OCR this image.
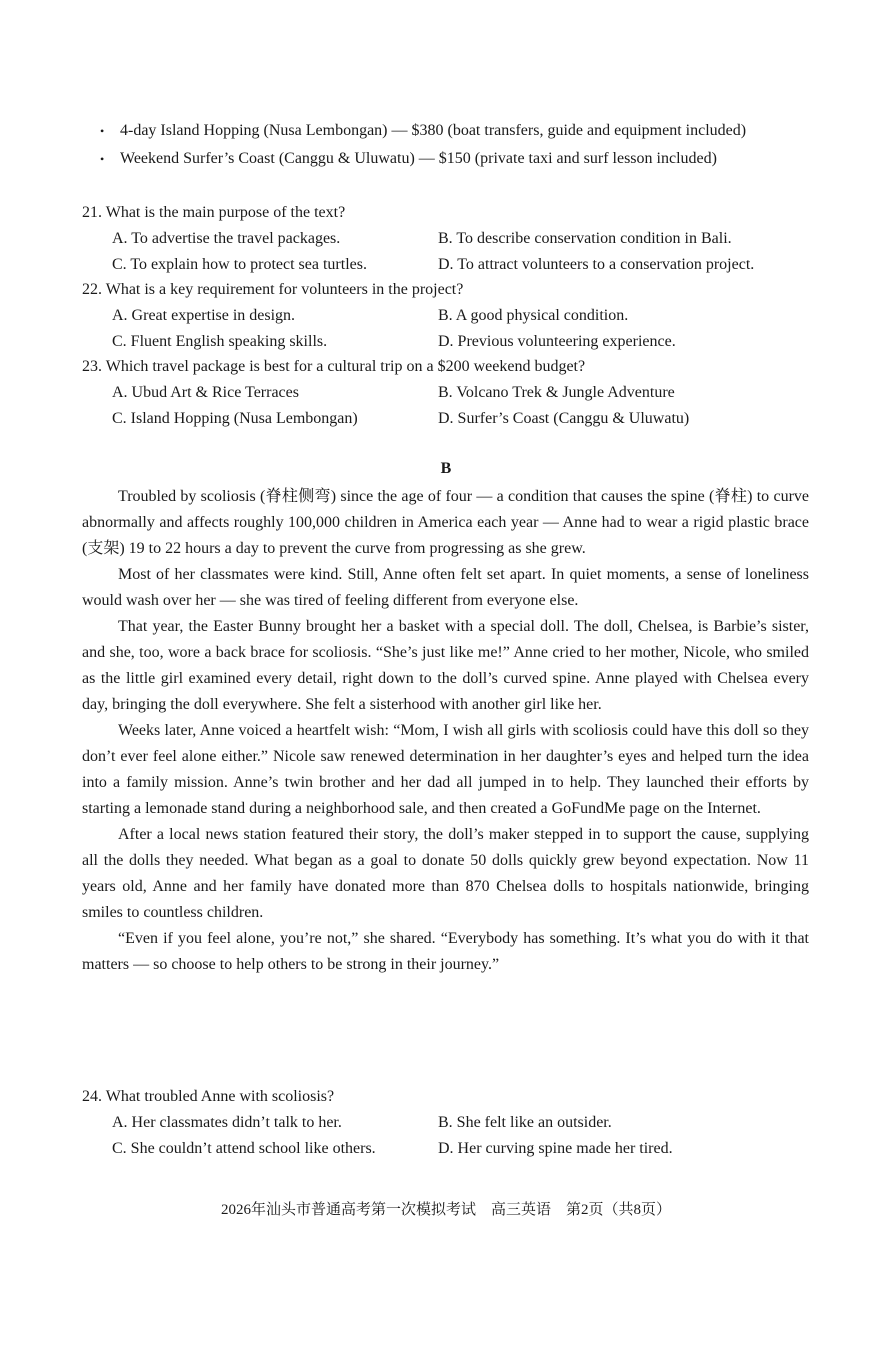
• 4-day Island Hopping (Nusa Lembongan) — $380 (boat transfers, guide and equipment included)
• Weekend Surfer’s Coast (Canggu & Uluwatu) — $150 (private taxi and surf lesson included)
21. What is the main purpose of the text?
A. To advertise the travel packages.	B. To describe conservation condition in Bali.
C. To explain how to protect sea turtles.	D. To attract volunteers to a conservation project.
22. What is a key requirement for volunteers in the project?
A. Great expertise in design.	B. A good physical condition.
C. Fluent English speaking skills.	D. Previous volunteering experience.
23. Which travel package is best for a cultural trip on a $200 weekend budget?
A. Ubud Art & Rice Terraces	B. Volcano Trek & Jungle Adventure
C. Island Hopping (Nusa Lembongan)	D. Surfer’s Coast (Canggu & Uluwatu)
B

Troubled by scoliosis (脊柱侧弯) since the age of four — a condition that causes the spine (脊柱) to curve abnormally and affects roughly 100,000 children in America each year — Anne had to wear a rigid plastic brace (支架) 19 to 22 hours a day to prevent the curve from progressing as she grew.

Most of her classmates were kind. Still, Anne often felt set apart. In quiet moments, a sense of loneliness would wash over her — she was tired of feeling different from everyone else.

That year, the Easter Bunny brought her a basket with a special doll. The doll, Chelsea, is Barbie’s sister, and she, too, wore a back brace for scoliosis. “She’s just like me!” Anne cried to her mother, Nicole, who smiled as the little girl examined every detail, right down to the doll’s curved spine. Anne played with Chelsea every day, bringing the doll everywhere. She felt a sisterhood with another girl like her.

Weeks later, Anne voiced a heartfelt wish: “Mom, I wish all girls with scoliosis could have this doll so they don’t ever feel alone either.” Nicole saw renewed determination in her daughter’s eyes and helped turn the idea into a family mission. Anne’s twin brother and her dad all jumped in to help. They launched their efforts by starting a lemonade stand during a neighborhood sale, and then created a GoFundMe page on the Internet.

After a local news station featured their story, the doll’s maker stepped in to support the cause, supplying all the dolls they needed. What began as a goal to donate 50 dolls quickly grew beyond expectation. Now 11 years old, Anne and her family have donated more than 870 Chelsea dolls to hospitals nationwide, bringing smiles to countless children.

“Even if you feel alone, you’re not,” she shared. “Everybody has something. It’s what you do with it that matters — so choose to help others to be strong in their journey.”

24. What troubled Anne with scoliosis?
A. Her classmates didn’t talk to her.	B. She felt like an outsider.
C. She couldn’t attend school like others.	D. Her curving spine made her tired.
2026年汕头市普通高考第一次模拟考试　高三英语　第2页（共8页）
